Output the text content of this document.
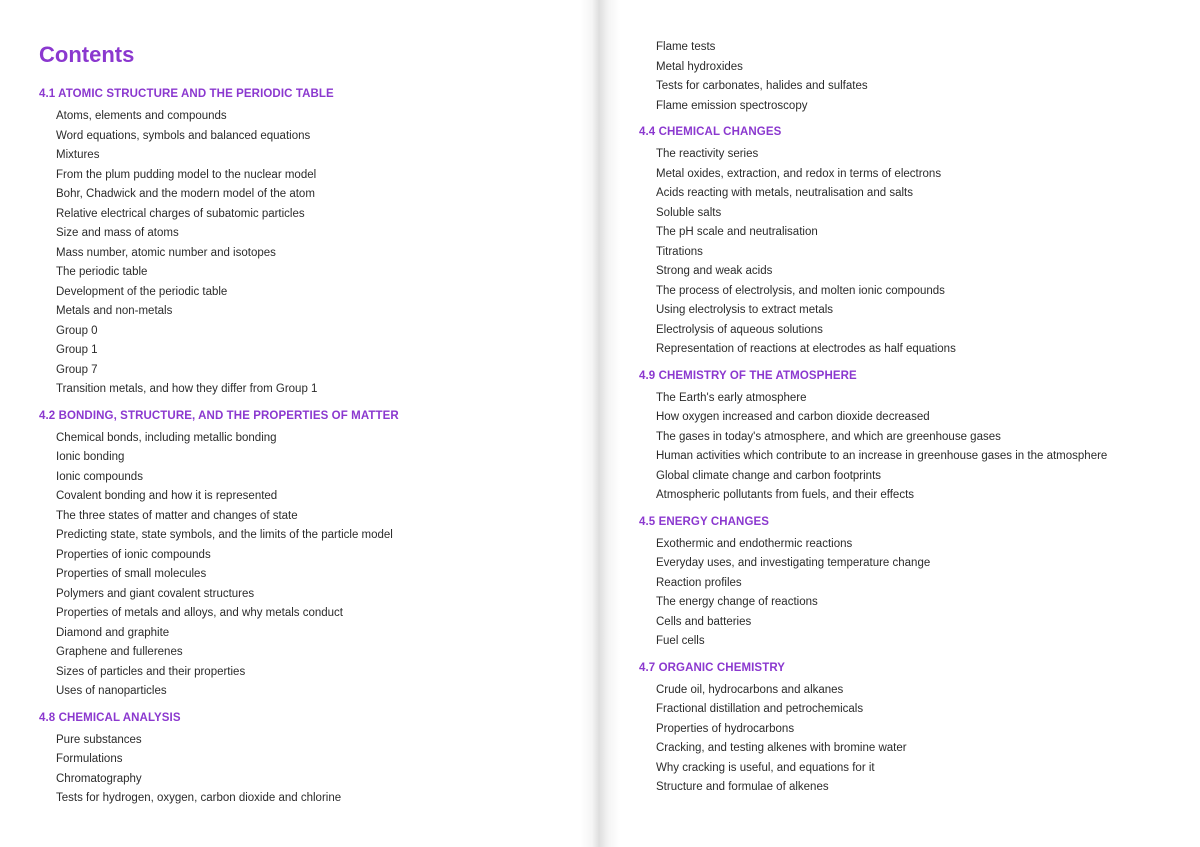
Contents
4.1 ATOMIC STRUCTURE AND THE PERIODIC TABLE
Atoms, elements and compounds
Word equations, symbols and balanced equations
Mixtures
From the plum pudding model to the nuclear model
Bohr, Chadwick and the modern model of the atom
Relative electrical charges of subatomic particles
Size and mass of atoms
Mass number, atomic number and isotopes
The periodic table
Development of the periodic table
Metals and non-metals
Group 0
Group 1
Group 7
Transition metals, and how they differ from Group 1
4.2 BONDING, STRUCTURE, AND THE PROPERTIES OF MATTER
Chemical bonds, including metallic bonding
Ionic bonding
Ionic compounds
Covalent bonding and how it is represented
The three states of matter and changes of state
Predicting state, state symbols, and the limits of the particle model
Properties of ionic compounds
Properties of small molecules
Polymers and giant covalent structures
Properties of metals and alloys, and why metals conduct
Diamond and graphite
Graphene and fullerenes
Sizes of particles and their properties
Uses of nanoparticles
4.8 CHEMICAL ANALYSIS
Pure substances
Formulations
Chromatography
Tests for hydrogen, oxygen, carbon dioxide and chlorine
Flame tests
Metal hydroxides
Tests for carbonates, halides and sulfates
Flame emission spectroscopy
4.4 CHEMICAL CHANGES
The reactivity series
Metal oxides, extraction, and redox in terms of electrons
Acids reacting with metals, neutralisation and salts
Soluble salts
The pH scale and neutralisation
Titrations
Strong and weak acids
The process of electrolysis, and molten ionic compounds
Using electrolysis to extract metals
Electrolysis of aqueous solutions
Representation of reactions at electrodes as half equations
4.9 CHEMISTRY OF THE ATMOSPHERE
The Earth's early atmosphere
How oxygen increased and carbon dioxide decreased
The gases in today's atmosphere, and which are greenhouse gases
Human activities which contribute to an increase in greenhouse gases in the atmosphere
Global climate change and carbon footprints
Atmospheric pollutants from fuels, and their effects
4.5 ENERGY CHANGES
Exothermic and endothermic reactions
Everyday uses, and investigating temperature change
Reaction profiles
The energy change of reactions
Cells and batteries
Fuel cells
4.7 ORGANIC CHEMISTRY
Crude oil, hydrocarbons and alkanes
Fractional distillation and petrochemicals
Properties of hydrocarbons
Cracking, and testing alkenes with bromine water
Why cracking is useful, and equations for it
Structure and formulae of alkenes
